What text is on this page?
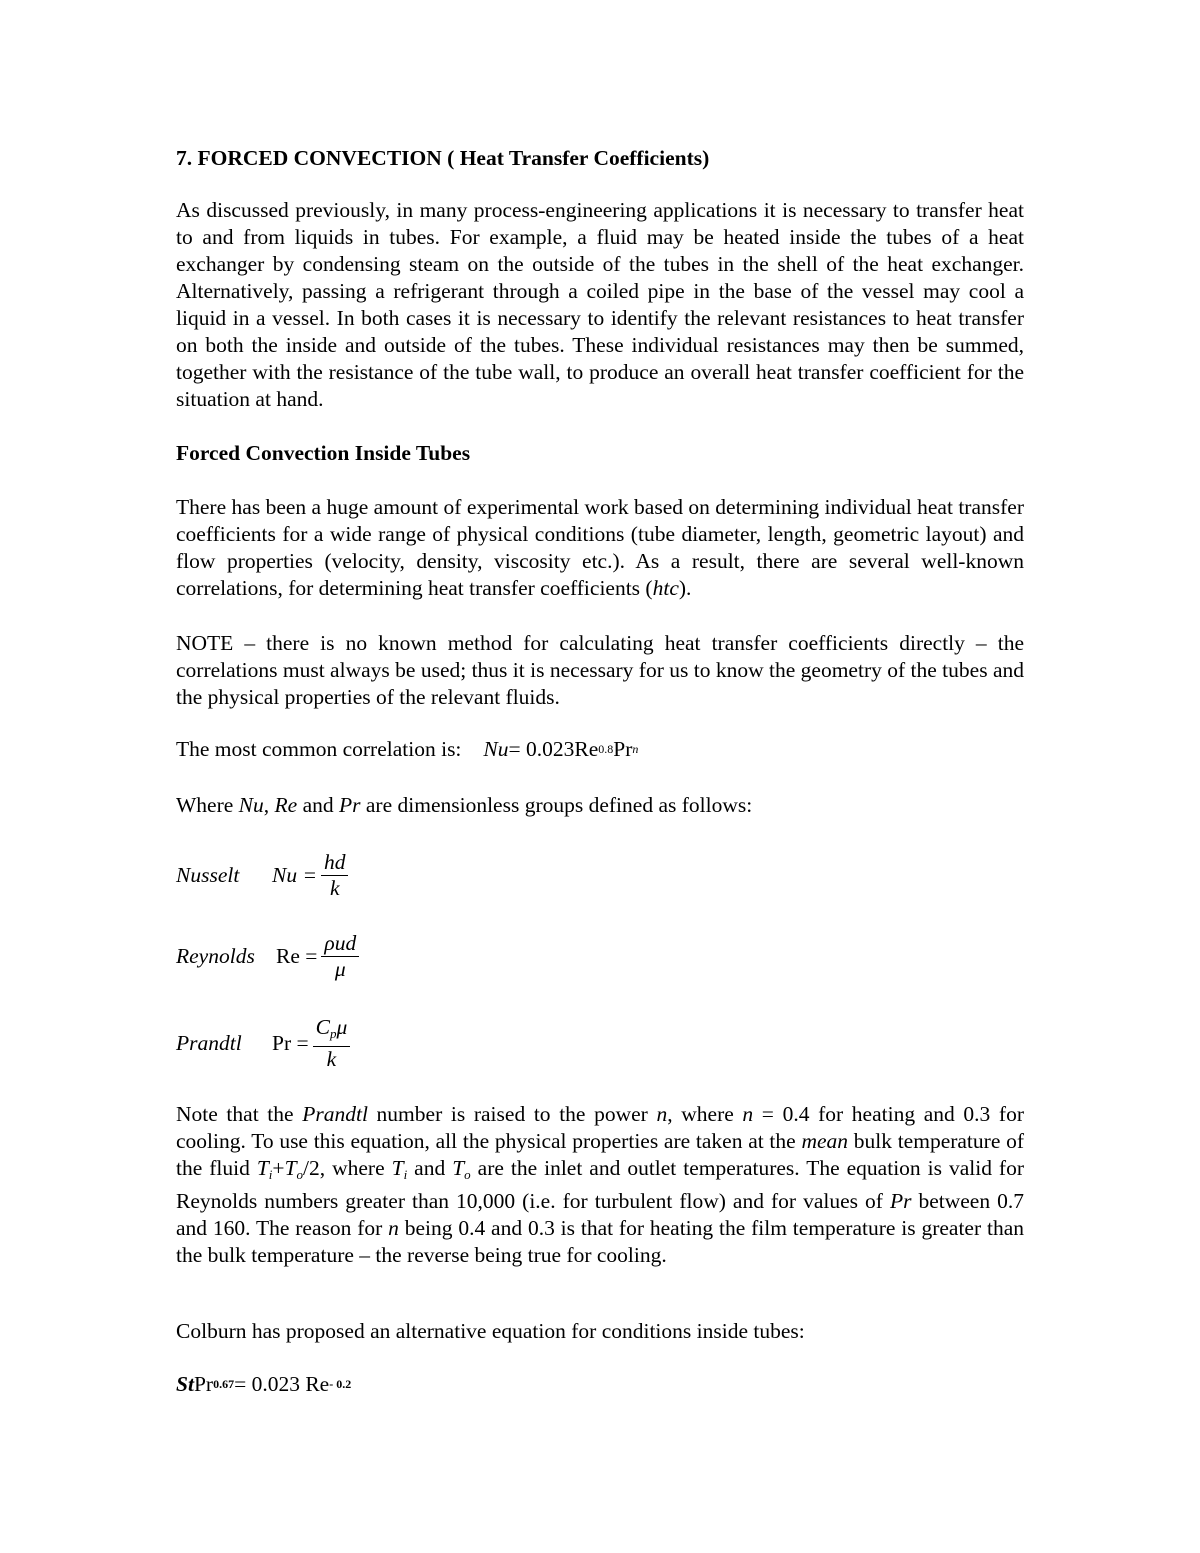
7. FORCED CONVECTION ( Heat Transfer Coefficients)
As discussed previously, in many process-engineering applications it is necessary to transfer heat to and from liquids in tubes. For example, a fluid may be heated inside the tubes of a heat exchanger by condensing steam on the outside of the tubes in the shell of the heat exchanger. Alternatively, passing a refrigerant through a coiled pipe in the base of the vessel may cool a liquid in a vessel. In both cases it is necessary to identify the relevant resistances to heat transfer on both the inside and outside of the tubes. These individual resistances may then be summed, together with the resistance of the tube wall, to produce an overall heat transfer coefficient for the situation at hand.
Forced Convection Inside Tubes
There has been a huge amount of experimental work based on determining individual heat transfer coefficients for a wide range of physical conditions (tube diameter, length, geometric layout) and flow properties (velocity, density, viscosity etc.). As a result, there are several well-known correlations, for determining heat transfer coefficients (htc).
NOTE – there is no known method for calculating heat transfer coefficients directly – the correlations must always be used; thus it is necessary for us to know the geometry of the tubes and the physical properties of the relevant fluids.
The most common correlation is: Nu = 0.023Re 0.8 Pr n
Where Nu, Re and Pr are dimensionless groups defined as follows:
Nusselt	$Nu = \frac{hd}{k}$
Reynolds $Re = \frac{\text{ρud}}{\mu}$
Prandtl	$Pr = \frac{C_p\mu}{k}$
Note that the Prandtl number is raised to the power n, where n = 0.4 for heating and 0.3 for cooling. To use this equation, all the physical properties are taken at the mean bulk temperature of the fluid $T_i+T_o/2$, where $T_i$ and $T_o$ are the inlet and outlet temperatures. The equation is valid for Reynolds numbers greater than 10,000 (i.e. for turbulent flow) and for values of Pr between 0.7 and 160. The reason for n being 0.4 and 0.3 is that for heating the film temperature is greater than the bulk temperature – the reverse being true for cooling.
Colburn has proposed an alternative equation for conditions inside tubes:
St Pr 0.67 = 0.023 Re - 0.2
